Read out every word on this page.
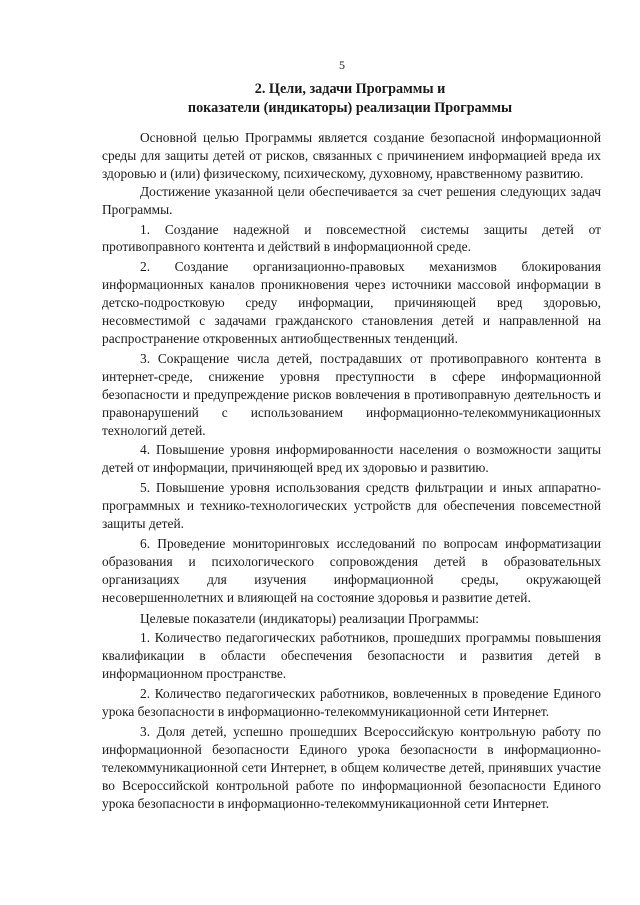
5
2. Цели, задачи Программы и
показатели (индикаторы) реализации Программы

Основной целью Программы является создание безопасной информационной среды для защиты детей от рисков, связанных с причинением информацией вреда их здоровью и (или) физическому, психическому, духовному, нравственному развитию.

Достижение указанной цели обеспечивается за счет решения следующих задач Программы.

1. Создание надежной и повсеместной системы защиты детей от противоправного контента и действий в информационной среде.

2. Создание организационно-правовых механизмов блокирования информационных каналов проникновения через источники массовой информации в детско-подростковую среду информации, причиняющей вред здоровью, несовместимой с задачами гражданского становления детей и направленной на распространение откровенных антиобщественных тенденций.

3. Сокращение числа детей, пострадавших от противоправного контента в интернет-среде, снижение уровня преступности в сфере информационной безопасности и предупреждение рисков вовлечения в противоправную деятельность и правонарушений с использованием информационно-телекоммуникационных технологий детей.

4. Повышение уровня информированности населения о возможности защиты детей от информации, причиняющей вред их здоровью и развитию.

5. Повышение уровня использования средств фильтрации и иных аппаратно-программных и технико-технологических устройств для обеспечения повсеместной защиты детей.

6. Проведение мониторинговых исследований по вопросам информатизации образования и психологического сопровождения детей в образовательных организациях для изучения информационной среды, окружающей несовершеннолетних и влияющей на состояние здоровья и развитие детей.

Целевые показатели (индикаторы) реализации Программы:

1. Количество педагогических работников, прошедших программы повышения квалификации в области обеспечения безопасности и развития детей в информационном пространстве.

2. Количество педагогических работников, вовлеченных в проведение Единого урока безопасности в информационно-телекоммуникационной сети Интернет.

3. Доля детей, успешно прошедших Всероссийскую контрольную работу по информационной безопасности Единого урока безопасности в информационно-телекоммуникационной сети Интернет, в общем количестве детей, принявших участие во Всероссийской контрольной работе по информационной безопасности Единого урока безопасности в информационно-телекоммуникационной сети Интернет.
